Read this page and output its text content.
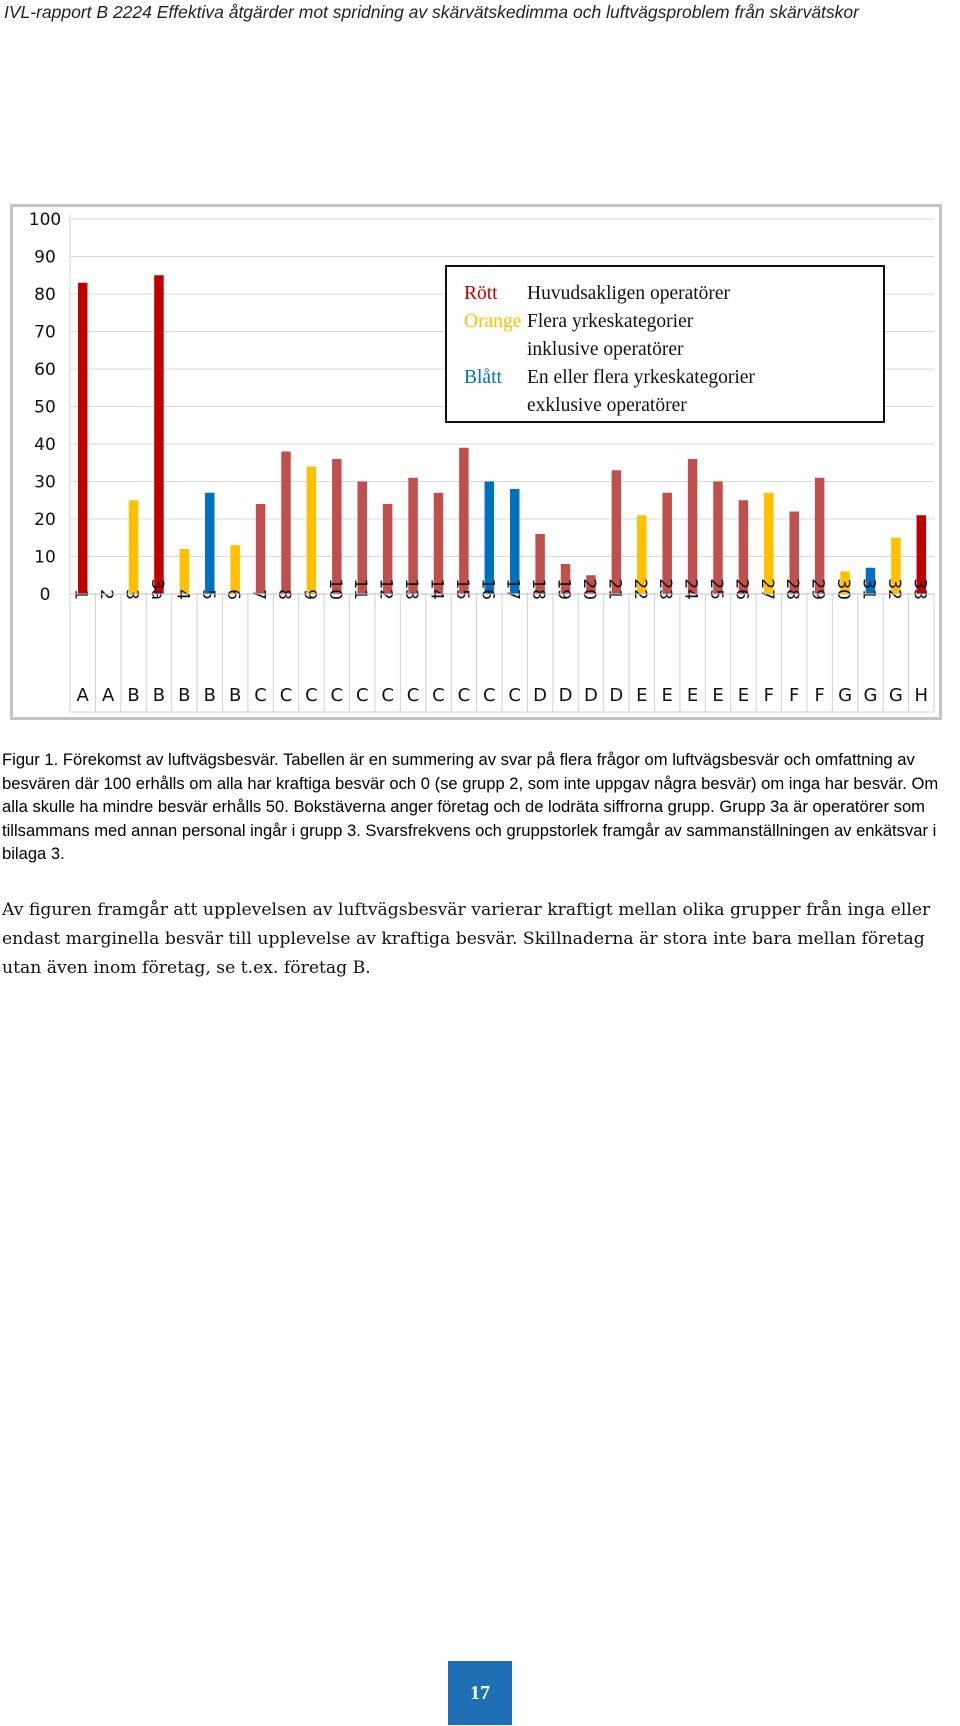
IVL-rapport B 2224 Effektiva åtgärder mot spridning av skärvätskedimma och luftvägsproblem från skärvätskor
0
10
20
30
40
50
60
70
80
90
100
1
A
2
A
3
B
3a
B
4
B
5
B
6
B
7
C
8
C
9
C
10
C
11
C
12
C
13
C
14
C
15
C
16
C
17
C
18
D
19
D
20
D
21
D
22
E
23
E
24
E
25
E
26
E
27
F
28
F
29
F
30
G
31
G
32
G
33
H
Rött	Huvudsakligen operatörer
Orange Flera yrkeskategorier
inklusive operatörer
Blått	En eller flera yrkeskategorier
exklusive operatörer

Figur 1. Förekomst av luftvägsbesvär. Tabellen är en summering av svar på flera frågor om luftvägsbesvär och omfattning av besvären där 100 erhålls om alla har kraftiga besvär och 0 (se grupp 2, som inte uppgav några besvär) om inga har besvär. Om alla skulle ha mindre besvär erhålls 50. Bokstäverna anger företag och de lodräta siffrorna grupp. Grupp 3a är operatörer som tillsammans med annan personal ingår i grupp 3. Svarsfrekvens och gruppstorlek framgår av sammanställningen av enkätsvar i bilaga 3.

Av figuren framgår att upplevelsen av luftvägsbesvär varierar kraftigt mellan olika grupper från inga eller endast marginella besvär till upplevelse av kraftiga besvär. Skillnaderna är stora inte bara mellan företag utan även inom företag, se t.ex. företag B.

17
